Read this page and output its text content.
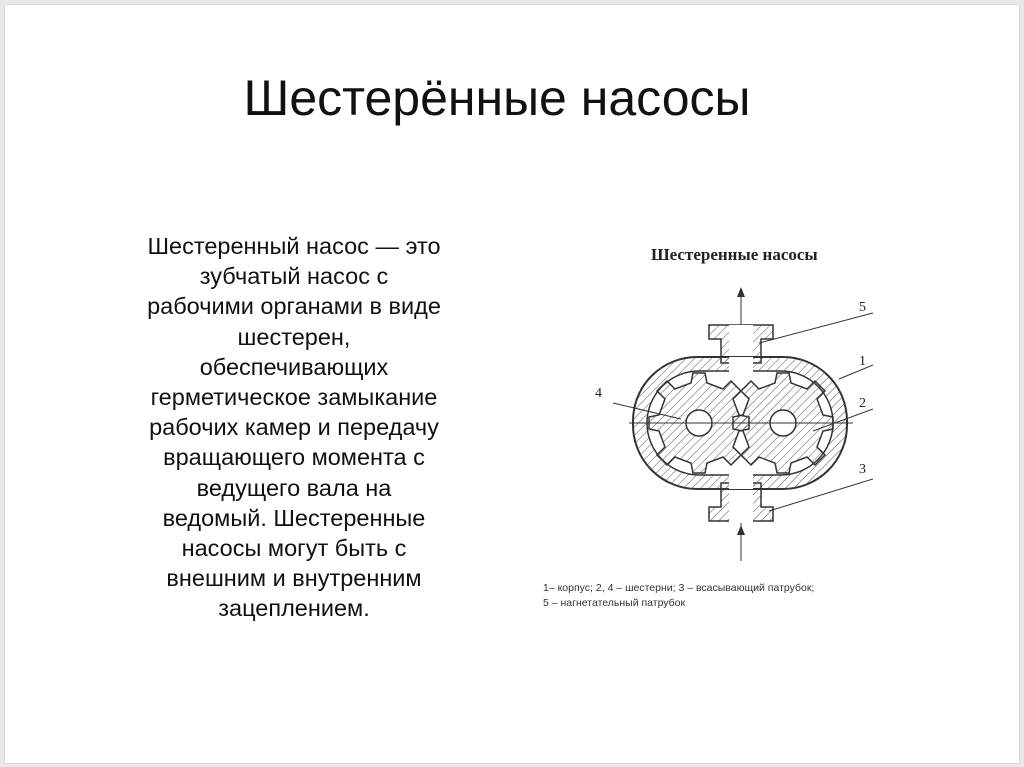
Шестерённые насосы
Шестеренный насос — это
зубчатый насос с
рабочими органами в виде
шестерен,
обеспечивающих
герметическое замыкание
рабочих камер и передачу
вращающего момента с
ведущего вала на
ведомый. Шестеренные
насосы могут быть с
внешним и внутренним
зацеплением.
Шестеренные насосы
5
1
2
3
4
1– корпус; 2, 4 – шестерни; 3 – всасывающий патрубок;
5 – нагнетательный патрубок
